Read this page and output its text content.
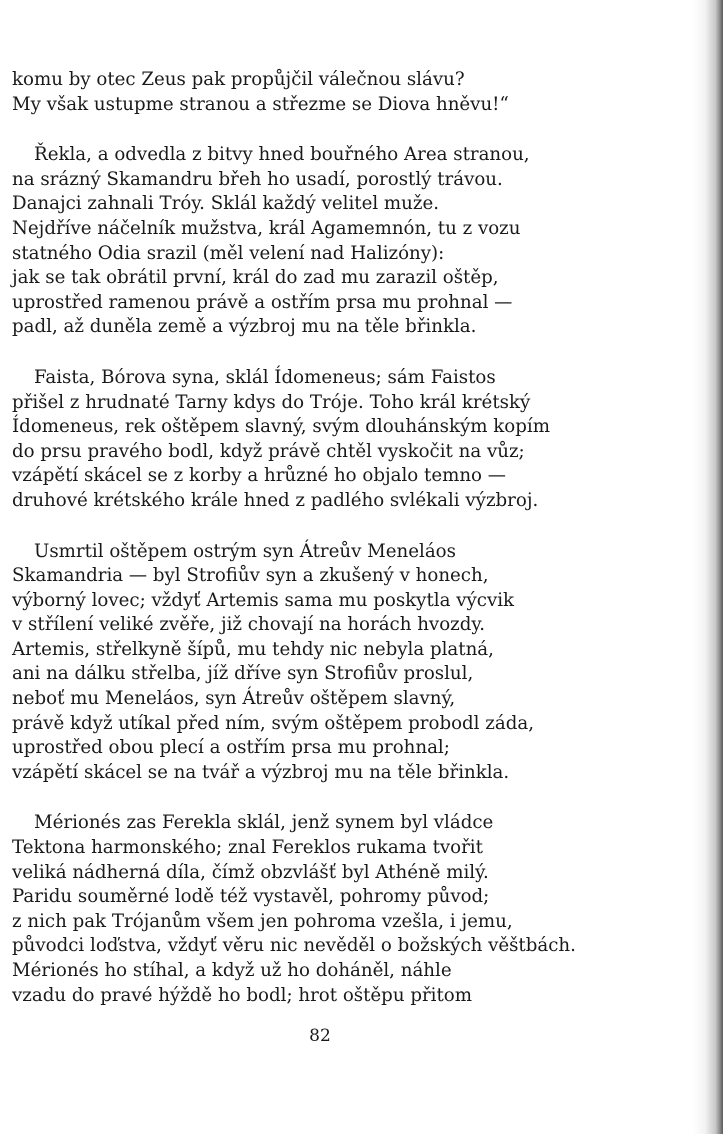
komu by otec Zeus pak propůjčil válečnou slávu?
My však ustupme stranou a střezme se Diova hněvu!“
Řekla, a odvedla z bitvy hned bouřného Area stranou,
na srázný Skamandru břeh ho usadí, porostlý trávou.
Danajci zahnali Tróy. Sklál každý velitel muže.
Nejdříve náčelník mužstva, král Agamemnón, tu z vozu
statného Odia srazil (měl velení nad Halizóny):
jak se tak obrátil první, král do zad mu zarazil oštěp,
uprostřed ramenou právě a ostřím prsa mu prohnal —
padl, až duněla země a výzbroj mu na těle břinkla.
Faista, Bórova syna, sklál Ídomeneus; sám Faistos
přišel z hrudnaté Tarny kdys do Trójе. Toho král krétský
Ídomeneus, rek oštěpem slavný, svým dlouhánským kopím
do prsu pravého bodl, když právě chtěl vyskočit na vůz;
vzápětí skácel se z korby a hrůzné ho objalo temno —
druhové krétského krále hned z padlého svlékali výzbroj.
Usmrtil oštěpem ostrým syn Átreův Meneláos
Skamandria — byl Strofiův syn a zkušený v honech,
výborný lovec; vždyť Artemis sama mu poskytla výcvik
v střílení veliké zvěře, již chovají na horách hvozdy.
Artemis, střelkyně šípů, mu tehdy nic nebyla platná,
ani na dálku střelba, jíž dříve syn Strofiův proslul,
neboť mu Meneláos, syn Átreův oštěpem slavný,
právě když utíkal před ním, svým oštěpem probodl záda,
uprostřed obou plecí a ostřím prsa mu prohnal;
vzápětí skácel se na tvář a výzbroj mu na těle břinkla.
Mérionés zas Ferekla sklál, jenž synem byl vládce
Tektona harmonského; znal Fereklos rukama tvořit
veliká nádherná díla, čímž obzvlášť byl Athéně milý.
Paridu souměrné lodě též vystavěl, pohromy původ;
z nich pak Trójanům všem jen pohroma vzešla, i jemu,
původci loďstva, vždyť věru nic nevěděl o božských věštbách.
Mérionés ho stíhal, a když už ho doháněl, náhle
vzadu do pravé hýždě ho bodl; hrot oštěpu přitom
82
